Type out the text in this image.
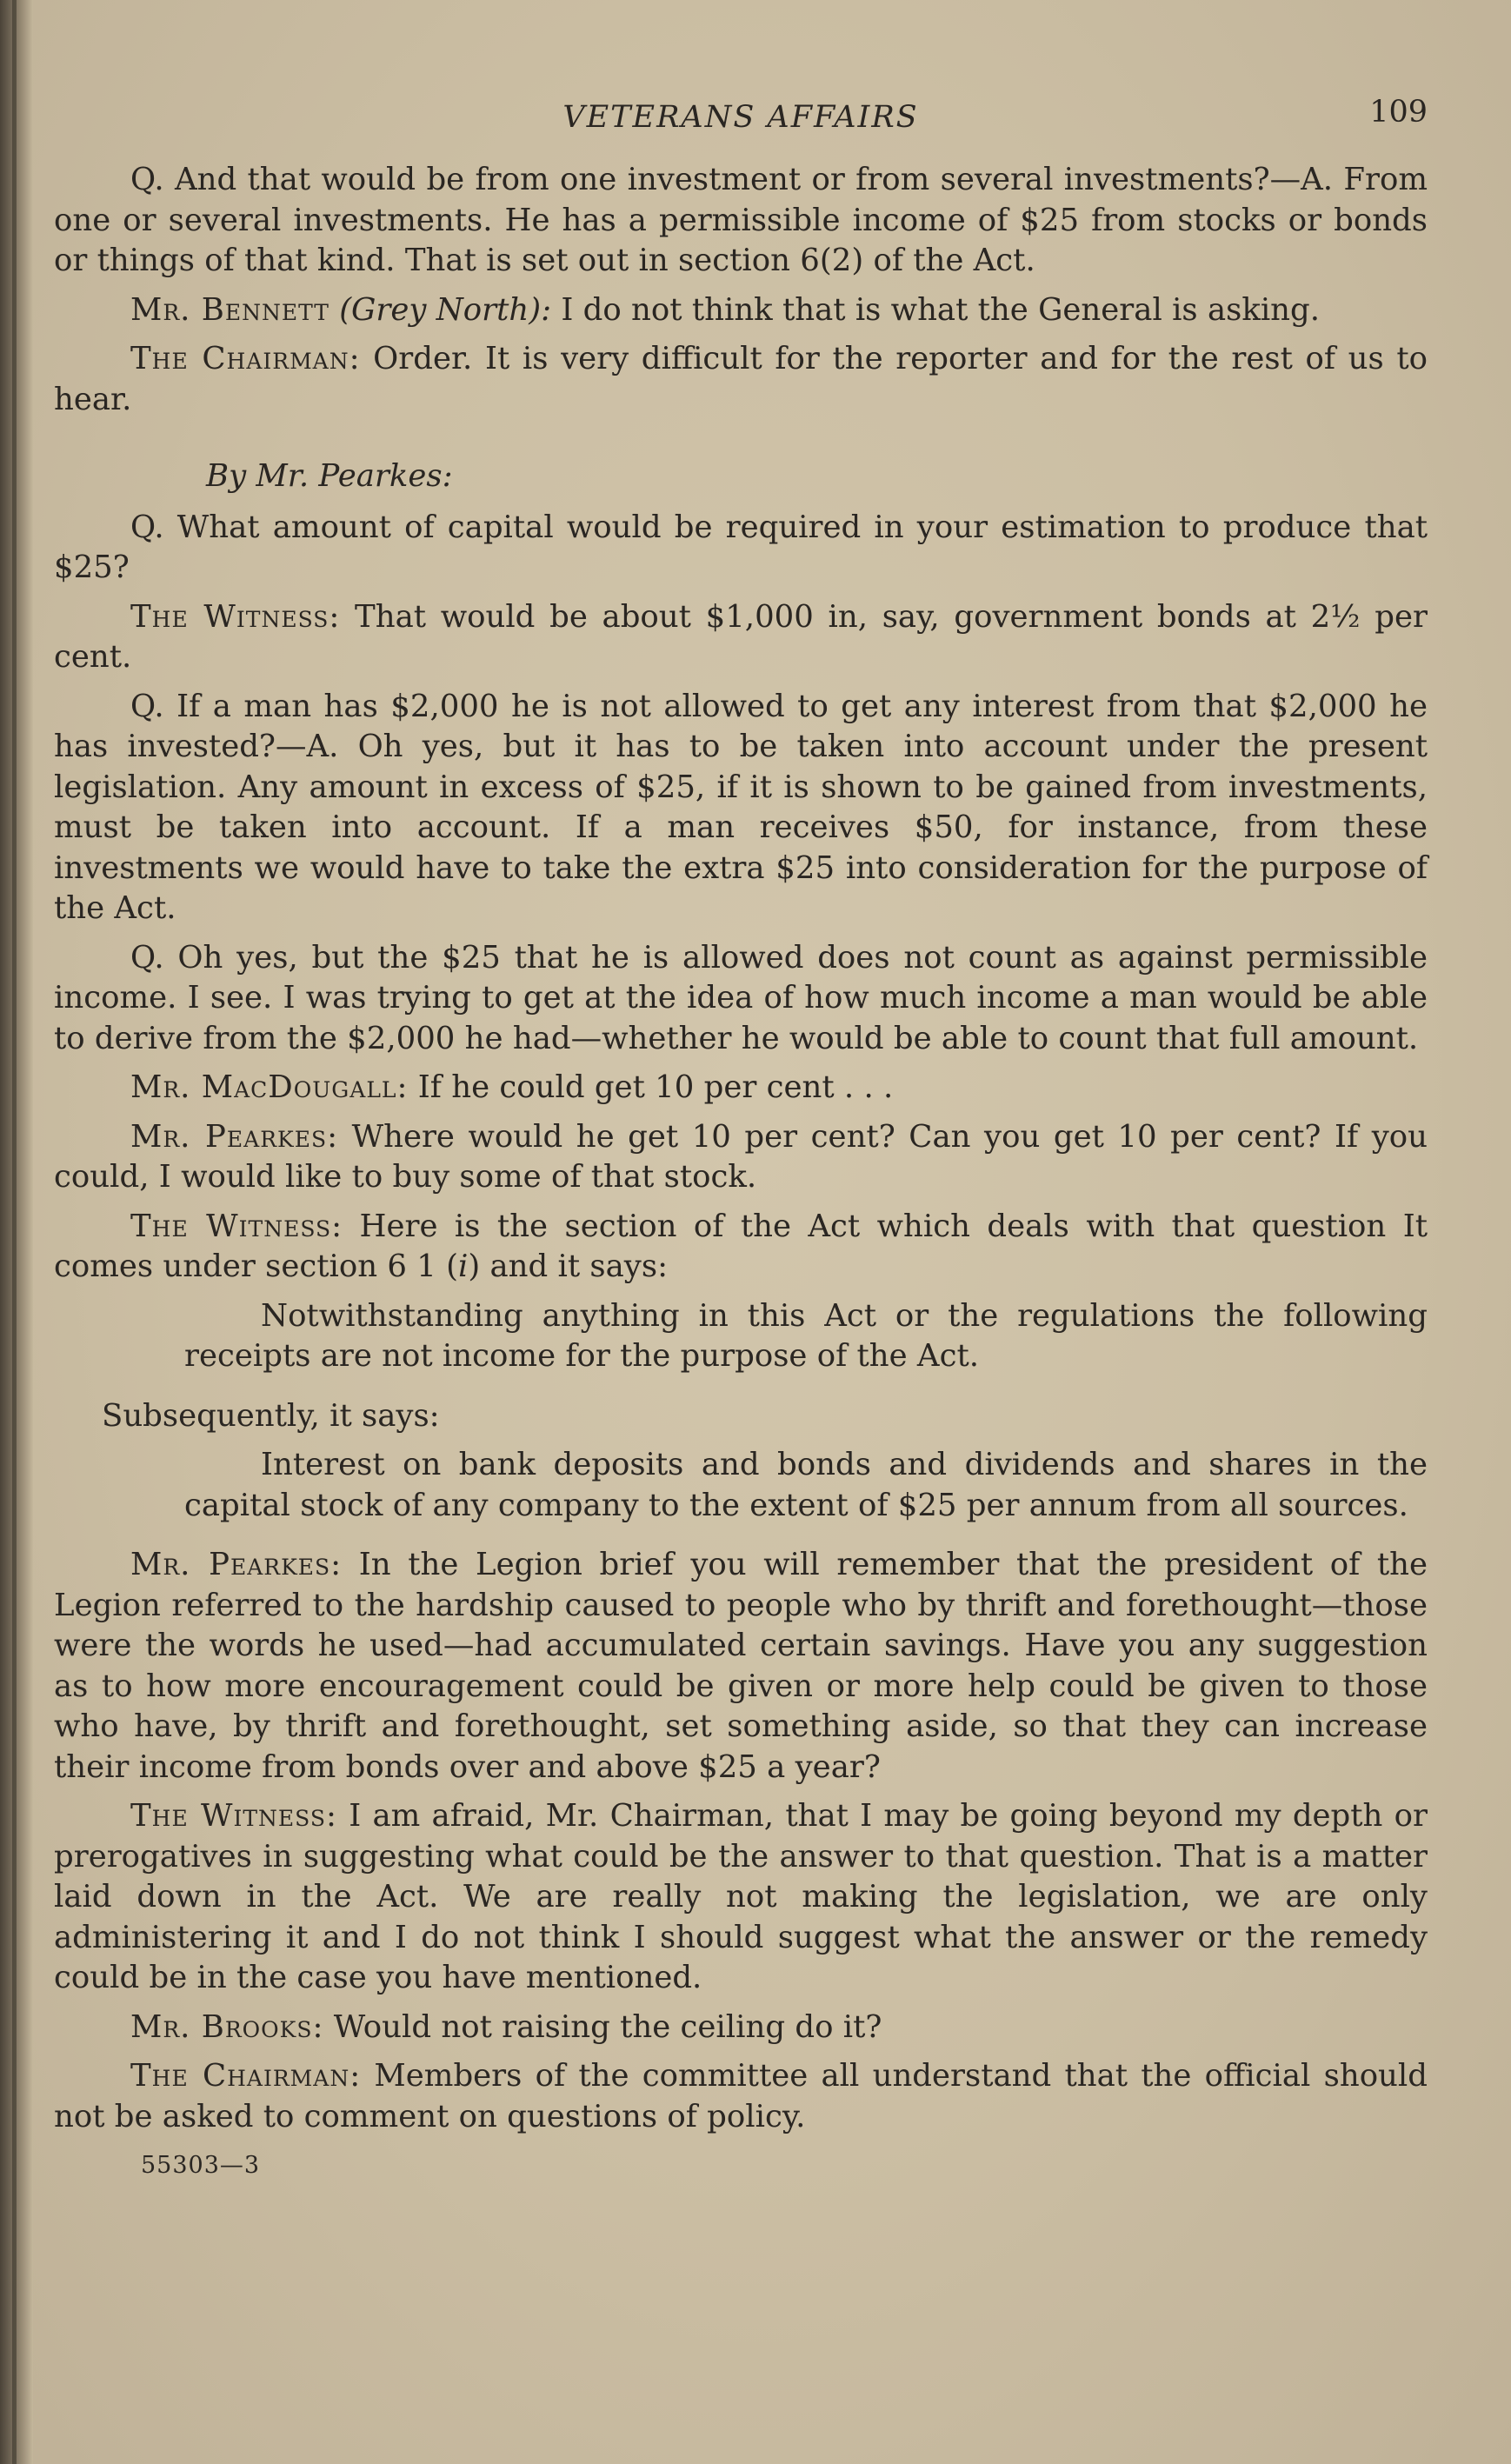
VETERANS AFFAIRS	109

Q. And that would be from one investment or from several investments?—A. From one or several investments. He has a permissible income of $25 from stocks or bonds or things of that kind. That is set out in section 6(2) of the Act.

Mr. Bennett (Grey North): I do not think that is what the General is asking.

The Chairman: Order. It is very difficult for the reporter and for the rest of us to hear.

By Mr. Pearkes:

Q. What amount of capital would be required in your estimation to produce that $25?

The Witness: That would be about $1,000 in, say, government bonds at 2½ per cent.

Q. If a man has $2,000 he is not allowed to get any interest from that $2,000 he has invested?—A. Oh yes, but it has to be taken into account under the present legislation. Any amount in excess of $25, if it is shown to be gained from investments, must be taken into account. If a man receives $50, for instance, from these investments we would have to take the extra $25 into consideration for the purpose of the Act.

Q. Oh yes, but the $25 that he is allowed does not count as against permissible income. I see. I was trying to get at the idea of how much income a man would be able to derive from the $2,000 he had—whether he would be able to count that full amount.

Mr. MacDougall: If he could get 10 per cent . . .

Mr. Pearkes: Where would he get 10 per cent? Can you get 10 per cent? If you could, I would like to buy some of that stock.

The Witness: Here is the section of the Act which deals with that question It comes under section 6 1 (i) and it says:

Notwithstanding anything in this Act or the regulations the following receipts are not income for the purpose of the Act.

Subsequently, it says:

Interest on bank deposits and bonds and dividends and shares in the capital stock of any company to the extent of $25 per annum from all sources.

Mr. Pearkes: In the Legion brief you will remember that the president of the Legion referred to the hardship caused to people who by thrift and forethought—those were the words he used—had accumulated certain savings. Have you any suggestion as to how more encouragement could be given or more help could be given to those who have, by thrift and forethought, set something aside, so that they can increase their income from bonds over and above $25 a year?

The Witness: I am afraid, Mr. Chairman, that I may be going beyond my depth or prerogatives in suggesting what could be the answer to that question. That is a matter laid down in the Act. We are really not making the legislation, we are only administering it and I do not think I should suggest what the answer or the remedy could be in the case you have mentioned.

Mr. Brooks: Would not raising the ceiling do it?

The Chairman: Members of the committee all understand that the official should not be asked to comment on questions of policy.

55303—3
